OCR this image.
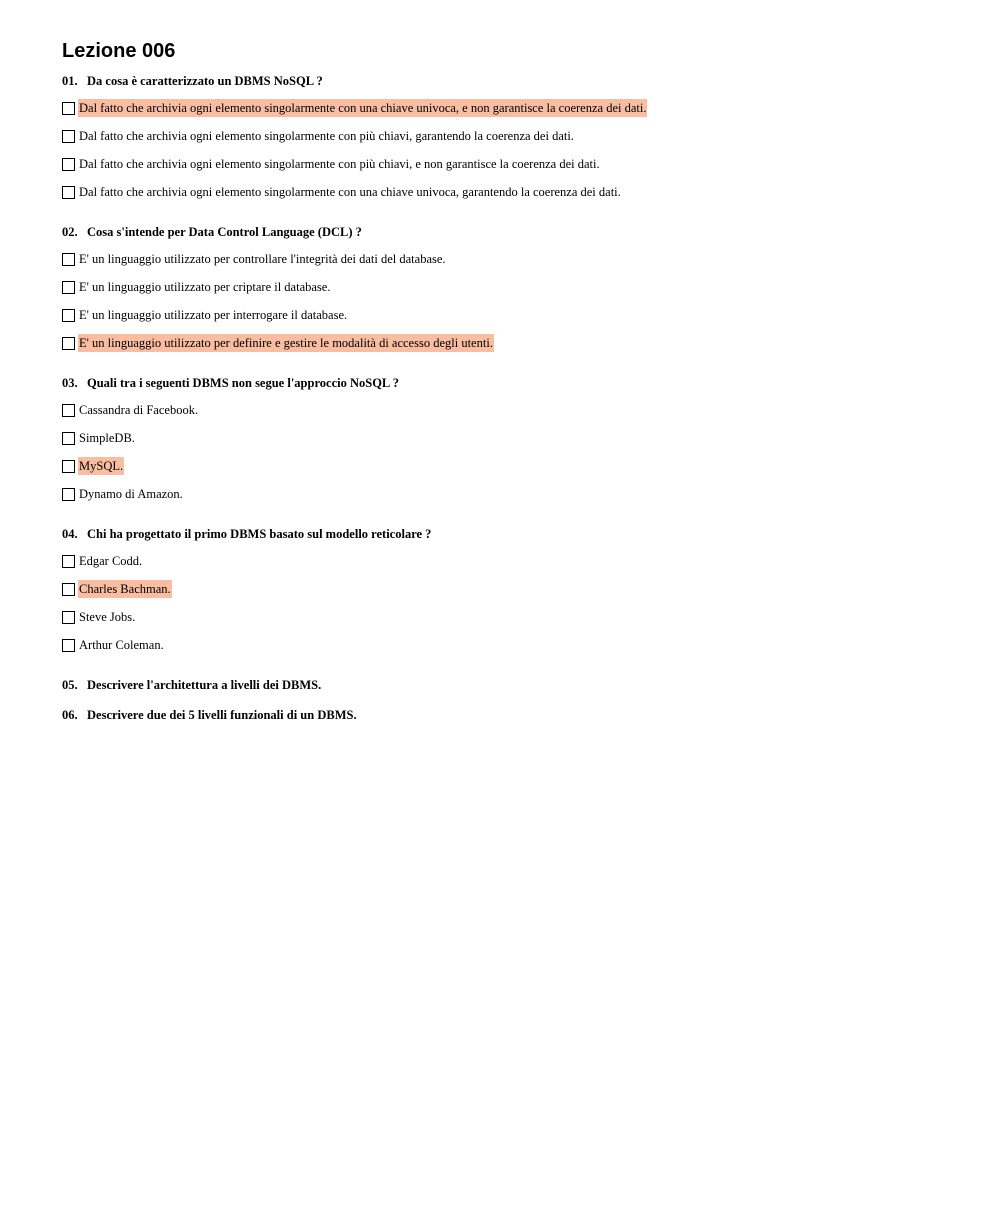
Lezione 006
01. Da cosa è caratterizzato un DBMS NoSQL ?
Dal fatto che archivia ogni elemento singolarmente con una chiave univoca, e non garantisce la coerenza dei dati.
Dal fatto che archivia ogni elemento singolarmente con più chiavi, garantendo la coerenza dei dati.
Dal fatto che archivia ogni elemento singolarmente con più chiavi, e non garantisce la coerenza dei dati.
Dal fatto che archivia ogni elemento singolarmente con una chiave univoca, garantendo la coerenza dei dati.
02. Cosa s'intende per Data Control Language (DCL) ?
E' un linguaggio utilizzato per controllare l'integrità dei dati del database.
E' un linguaggio utilizzato per criptare il database.
E' un linguaggio utilizzato per interrogare il database.
E' un linguaggio utilizzato per definire e gestire le modalità di accesso degli utenti.
03. Quali tra i seguenti DBMS non segue l'approccio NoSQL ?
Cassandra di Facebook.
SimpleDB.
MySQL.
Dynamo di Amazon.
04. Chi ha progettato il primo DBMS basato sul modello reticolare ?
Edgar Codd.
Charles Bachman.
Steve Jobs.
Arthur Coleman.
05. Descrivere l'architettura a livelli dei DBMS.
06. Descrivere due dei 5 livelli funzionali di un DBMS.
